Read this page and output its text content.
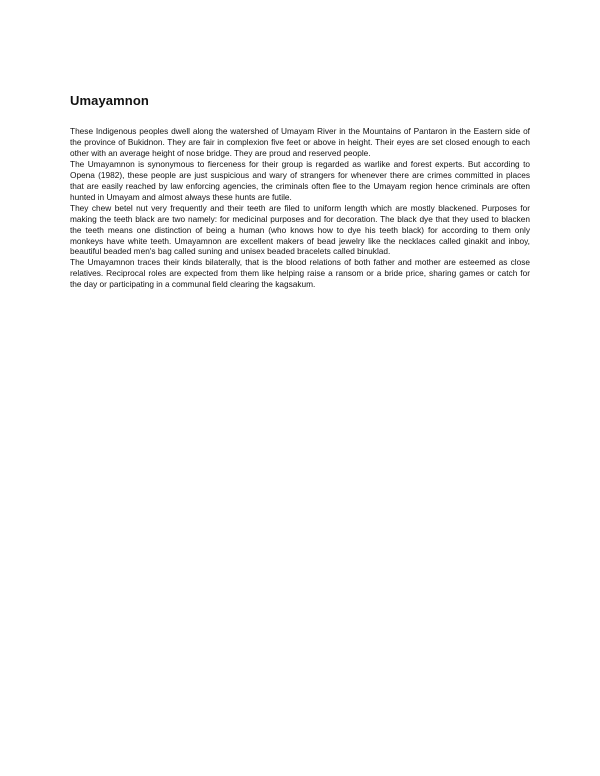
Umayamnon

These Indigenous peoples dwell along the watershed of Umayam River in the Mountains of Pantaron in the Eastern side of the province of Bukidnon. They are fair in complexion five feet or above in height. Their eyes are set closed enough to each other with an average height of nose bridge. They are proud and reserved people.

The Umayamnon is synonymous to fierceness for their group is regarded as warlike and forest experts. But according to Opena (1982), these people are just suspicious and wary of strangers for whenever there are crimes committed in places that are easily reached by law enforcing agencies, the criminals often flee to the Umayam region hence criminals are often hunted in Umayam and almost always these hunts are futile.

They chew betel nut very frequently and their teeth are filed to uniform length which are mostly blackened. Purposes for making the teeth black are two namely: for medicinal purposes and for decoration. The black dye that they used to blacken the teeth means one distinction of being a human (who knows how to dye his teeth black) for according to them only monkeys have white teeth. Umayamnon are excellent makers of bead jewelry like the necklaces called ginakit and inboy, beautiful beaded men's bag called suning and unisex beaded bracelets called binuklad.

The Umayamnon traces their kinds bilaterally, that is the blood relations of both father and mother are esteemed as close relatives. Reciprocal roles are expected from them like helping raise a ransom or a bride price, sharing games or catch for the day or participating in a communal field clearing the kagsakum.
